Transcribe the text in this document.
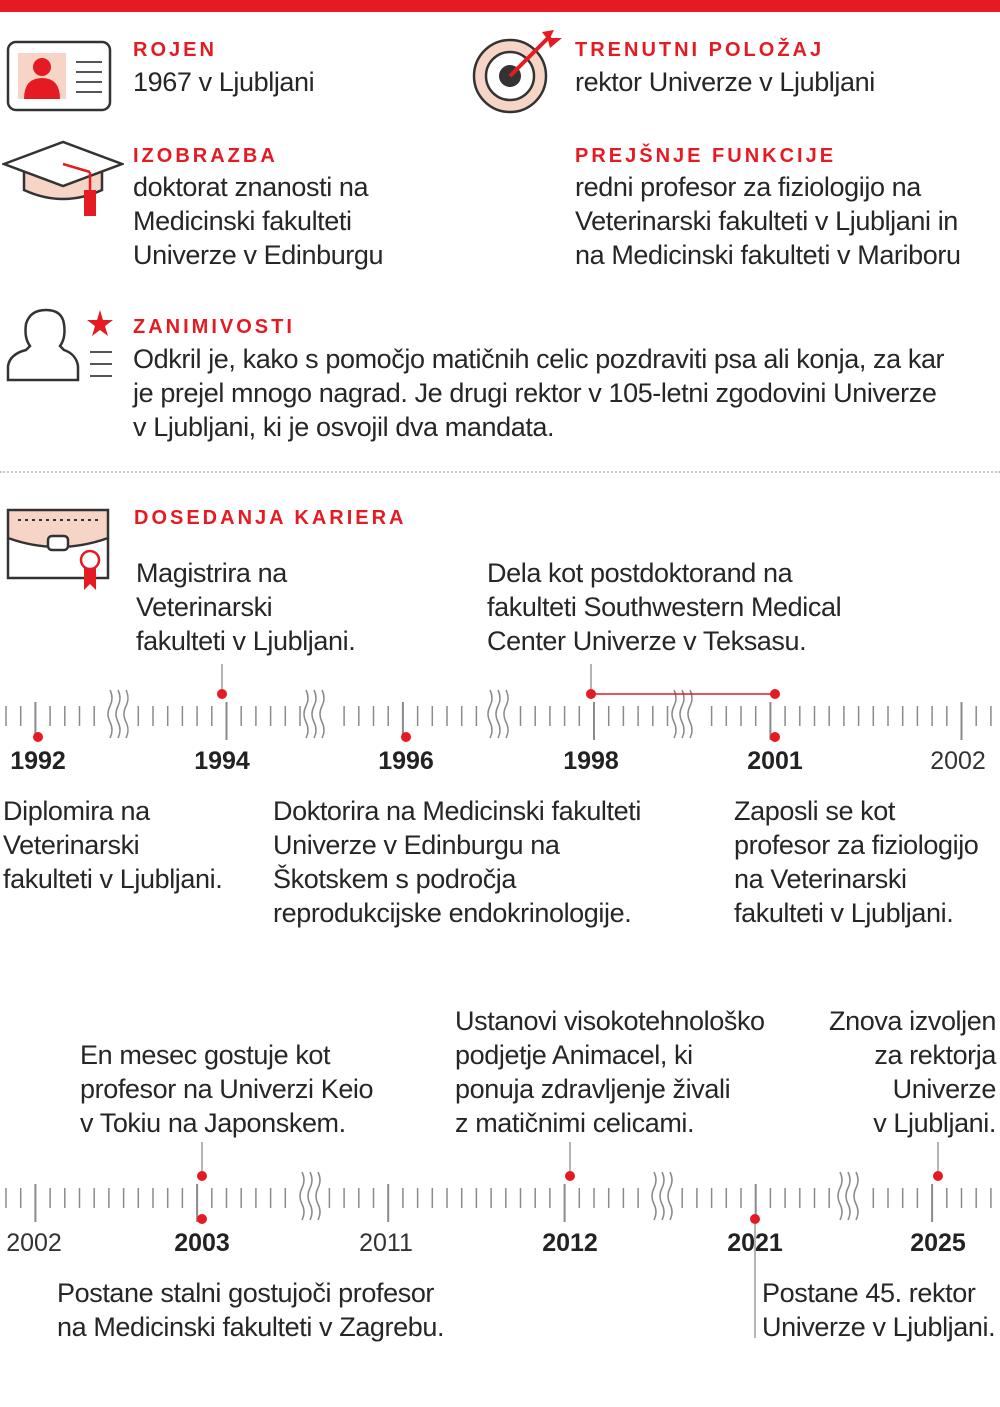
ROJEN
1967 v Ljubljani
TRENUTNI POLOŽAJ
rektor Univerze v Ljubljani
IZOBRAZBA
doktorat znanosti na
Medicinski fakulteti
Univerze v Edinburgu
PREJŠNJE FUNKCIJE
redni profesor za fiziologijo na
Veterinarski fakulteti v Ljubljani in
na Medicinski fakulteti v Mariboru
ZANIMIVOSTI
Odkril je, kako s pomočjo matičnih celic pozdraviti psa ali konja, za kar
je prejel mnogo nagrad. Je drugi rektor v 105-letni zgodovini Univerze
v Ljubljani, ki je osvojil dva mandata.
DOSEDANJA KARIERA
Magistrira na
Veterinarski
fakulteti v Ljubljani.
Dela kot postdoktorand na
fakulteti Southwestern Medical
Center Univerze v Teksasu.
Diplomira na
Veterinarski
fakulteti v Ljubljani.
Doktorira na Medicinski fakulteti
Univerze v Edinburgu na
Škotskem s področja
reprodukcijske endokrinologije.
Zaposli se kot
profesor za fiziologijo
na Veterinarski
fakulteti v Ljubljani.
1992	1994	1996	1998	2001	2002
En mesec gostuje kot
profesor na Univerzi Keio
v Tokiu na Japonskem.
Ustanovi visokotehnološko
podjetje Animacel, ki
ponuja zdravljenje živali
z matičnimi celicami.
Znova izvoljen
za rektorja
Univerze
v Ljubljani.
Postane stalni gostujoči profesor
na Medicinski fakulteti v Zagrebu.
Postane 45. rektor
Univerze v Ljubljani.
2002	2003	2011	2012	2021	2025
